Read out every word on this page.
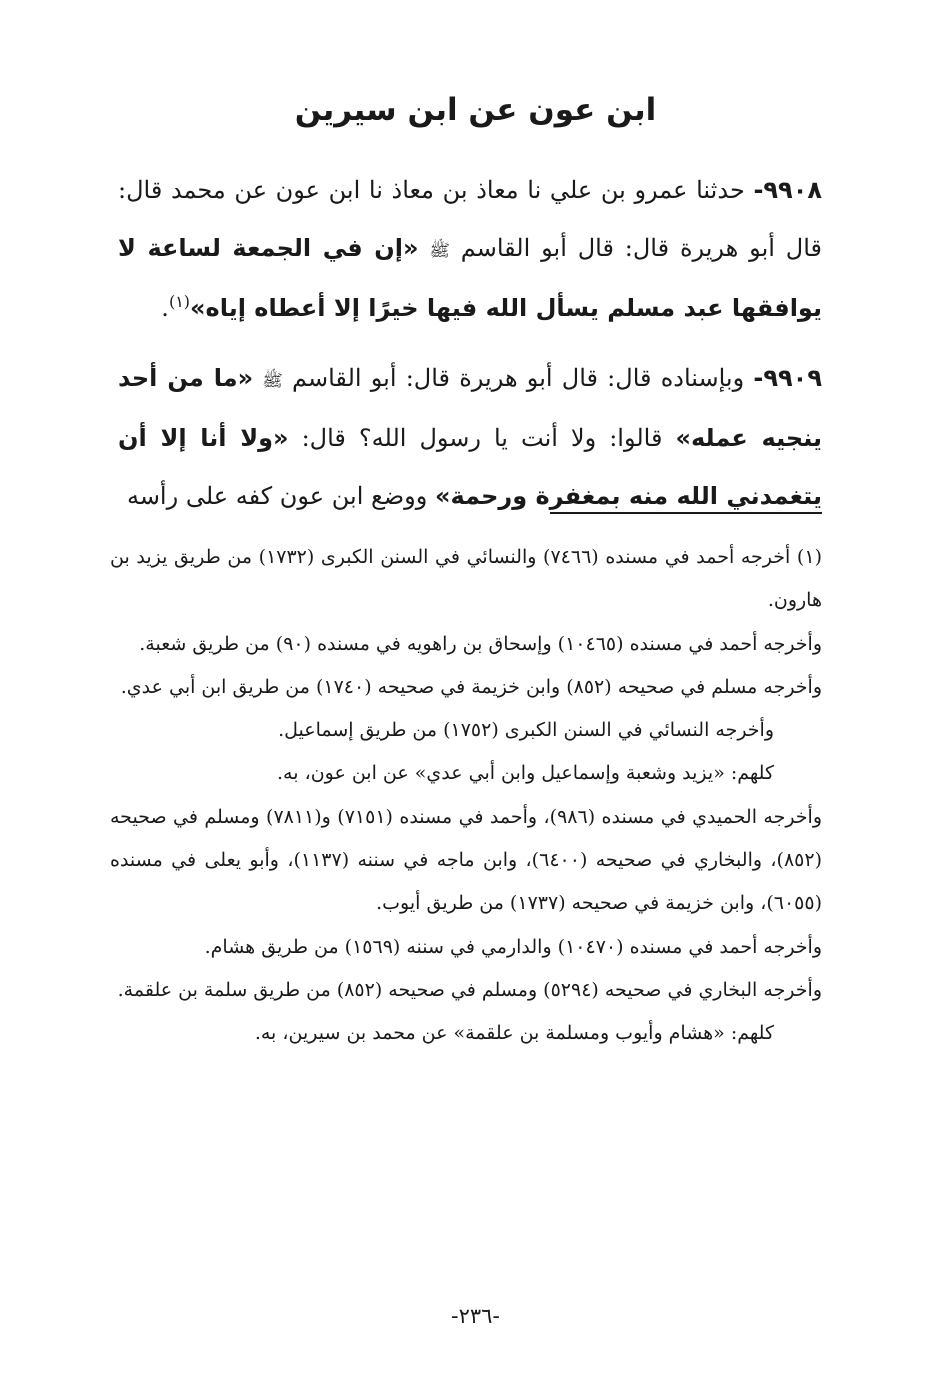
ابن عون عن ابن سيرين

٩٩٠٨- حدثنا عمرو بن علي نا معاذ بن معاذ نا ابن عون عن محمد قال: قال أبو هريرة قال: قال أبو القاسم ﷺ «إن في الجمعة لساعة لا يوافقها عبد مسلم يسأل الله فيها خيرًا إلا أعطاه إياه»$^{(١)}$.

٩٩٠٩- وبإسناده قال: قال أبو هريرة قال: أبو القاسم ﷺ «ما من أحد ينجيه عمله» قالوا: ولا أنت يا رسول الله؟ قال: «ولا أنا إلا أن يتغمدني الله منه بمغفرة ورحمة» ووضع ابن عون كفه على رأسه

(١) أخرجه أحمد في مسنده (٧٤٦٦) والنسائي في السنن الكبرى (١٧٣٢) من طريق يزيد بن هارون.

وأخرجه أحمد في مسنده (١٠٤٦٥) وإسحاق بن راهويه في مسنده (٩٠) من طريق شعبة.

وأخرجه مسلم في صحيحه (٨٥٢) وابن خزيمة في صحيحه (١٧٤٠) من طريق ابن أبي عدي.

وأخرجه النسائي في السنن الكبرى (١٧٥٢) من طريق إسماعيل.

كلهم: «يزيد وشعبة وإسماعيل وابن أبي عدي» عن ابن عون، به.

وأخرجه الحميدي في مسنده (٩٨٦)، وأحمد في مسنده (٧١٥١) و(٧٨١١) ومسلم في صحيحه (٨٥٢)، والبخاري في صحيحه (٦٤٠٠)، وابن ماجه في سننه (١١٣٧)، وأبو يعلى في مسنده (٦٠٥٥)، وابن خزيمة في صحيحه (١٧٣٧) من طريق أيوب.

وأخرجه أحمد في مسنده (١٠٤٧٠) والدارمي في سننه (١٥٦٩) من طريق هشام.

وأخرجه البخاري في صحيحه (٥٢٩٤) ومسلم في صحيحه (٨٥٢) من طريق سلمة بن علقمة.

كلهم: «هشام وأيوب ومسلمة بن علقمة» عن محمد بن سيرين، به.

-٢٣٦-
